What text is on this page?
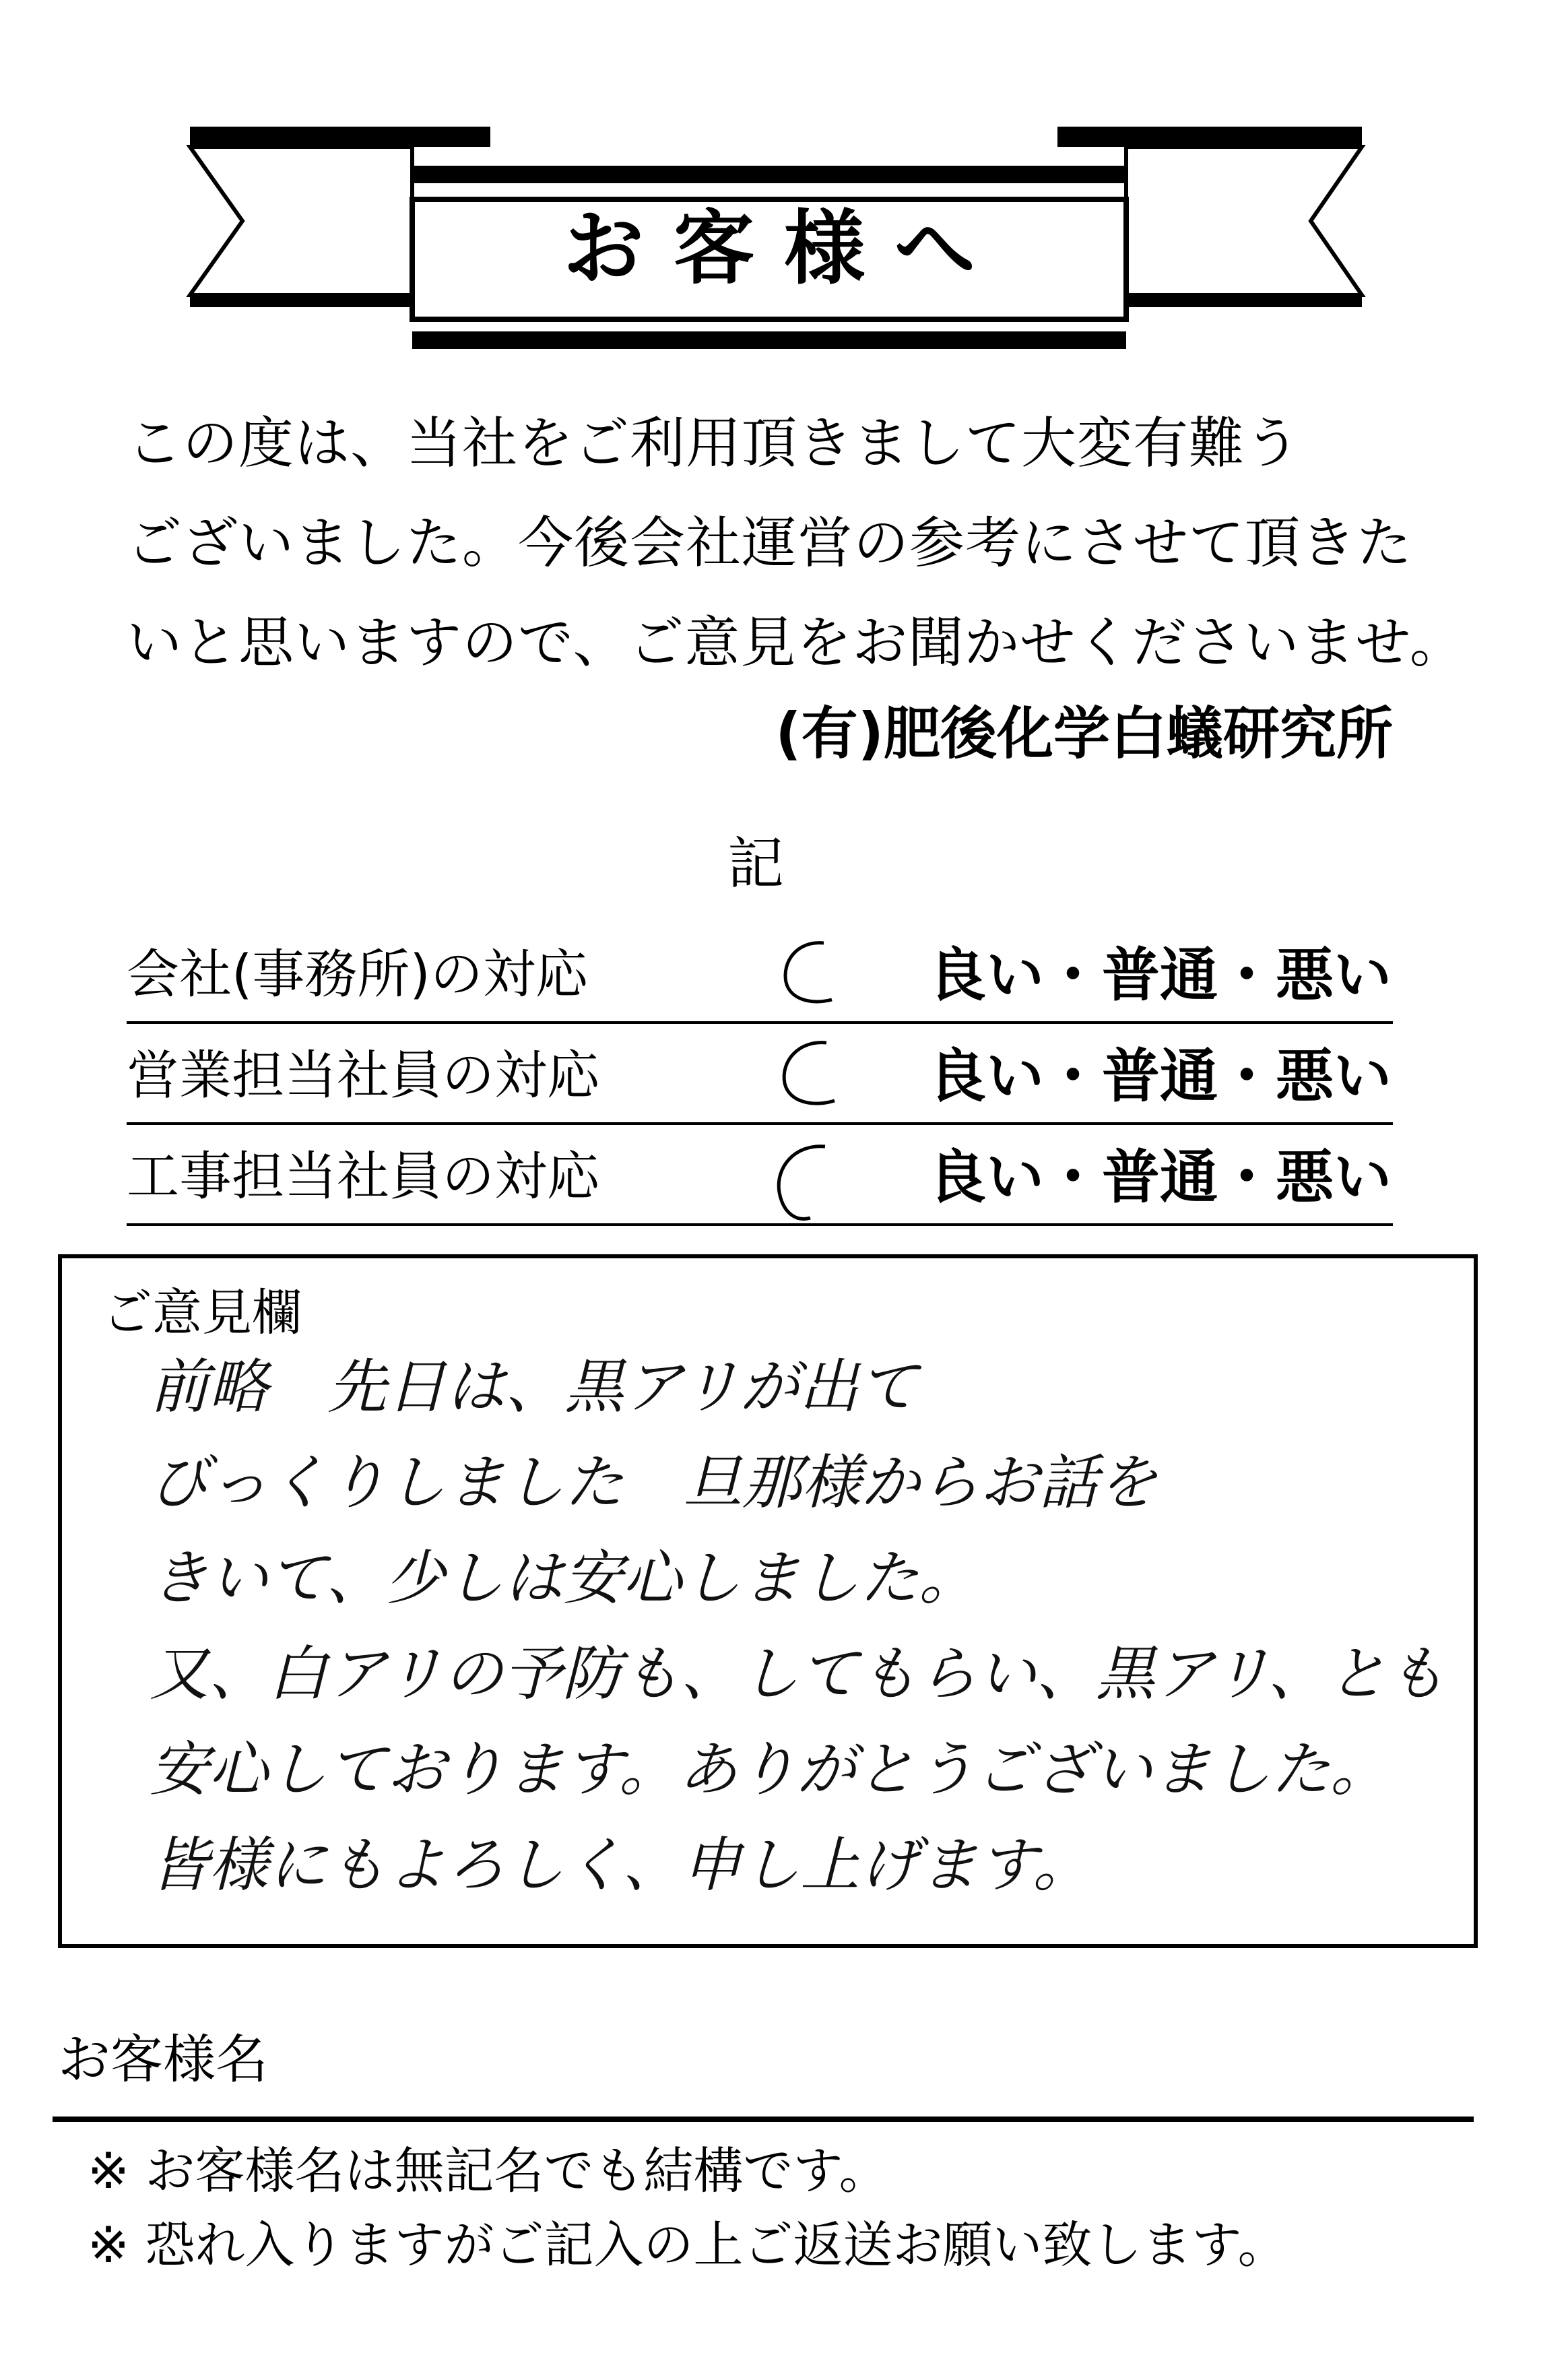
お客様へ
この度は、当社をご利用頂きまして大変有難う
ございました。今後会社運営の参考にさせて頂きた
いと思いますので、ご意見をお聞かせくださいませ。
(有)肥後化学白蟻研究所
記
会社(事務所)の対応	良い・普通・悪い
営業担当社員の対応	良い・普通・悪い
工事担当社員の対応	良い・普通・悪い
ご意見欄
前略　先日は、黒アリが出て
びっくりしました　旦那様からお話を
きいて、少しは安心しました。
又、白アリの予防も、してもらい、黒アリ、とも
安心しております。ありがとうございました。
皆様にもよろしく、申し上げます。
お客様名
※ お客様名は無記名でも結構です。
※ 恐れ入りますがご記入の上ご返送お願い致します。
